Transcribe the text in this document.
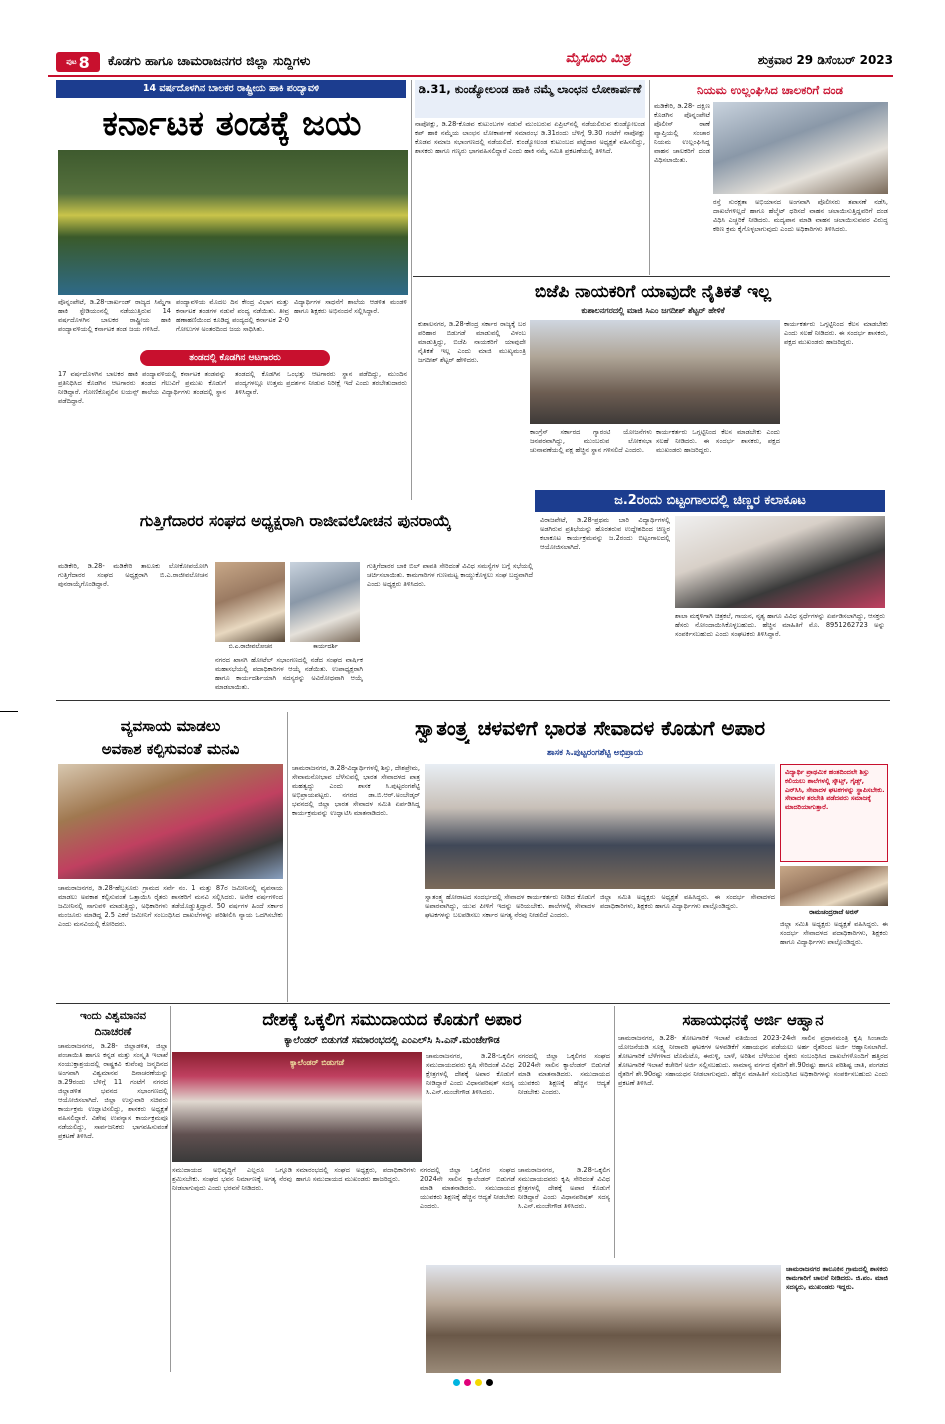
ಪುಟ 8 ಕೊಡಗು ಹಾಗೂ ಚಾಮರಾಜನಗರ ಜಿಲ್ಲಾ ಸುದ್ದಿಗಳು	ಮೈಸೂರು ಮಿತ್ರ	ಶುಕ್ರವಾರ 29 ಡಿಸೆಂಬರ್ 2023
14 ವರ್ಷದೊಳಗಿನ ಬಾಲಕರ ರಾಷ್ಟ್ರೀಯ ಹಾಕಿ ಪಂದ್ಯಾವಳಿ
ಕರ್ನಾಟಕ ತಂಡಕ್ಕೆ ಜಯ
ಪೊನ್ನಂಪೇಟೆ, ಡಿ.28-ಜಾರ್ಖಂಡ್ ರಾಜ್ಯದ ಸಿಮ್ಡೆಗಾ ಹಾಕಿ ಸ್ಟೇಡಿಯಂನಲ್ಲಿ ನಡೆಯುತ್ತಿರುವ 14 ವರ್ಷದೊಳಗಿನ ಬಾಲಕರ ರಾಷ್ಟ್ರೀಯ ಹಾಕಿ ಪಂದ್ಯಾವಳಿಯಲ್ಲಿ ಕರ್ನಾಟಕ ತಂಡ ಜಯ ಗಳಿಸಿದೆ.
ಪಂದ್ಯಾವಳಿಯ ಮೊದಲ ದಿನ ಕೇಂದ್ರ ವಿಭಾಗ ಮತ್ತು ಕರ್ನಾಟಕ ತಂಡಗಳ ನಡುವೆ ಪಂದ್ಯ ನಡೆಯಿತು. ತೀವ್ರ ಹಣಾಹಣಿಯಿಂದ ಕೂಡಿದ್ದ ಪಂದ್ಯದಲ್ಲಿ ಕರ್ನಾಟಕ 2-0 ಗೋಲುಗಳ ಅಂತರದಿಂದ ಜಯ ಸಾಧಿಸಿತು.
ವಿದ್ಯಾರ್ಥಿಗಳ ಸಾಧನೆಗೆ ಶಾಲೆಯ ಆಡಳಿತ ಮಂಡಳಿ ಹಾಗೂ ಶಿಕ್ಷಕರು ಅಭಿನಂದನೆ ಸಲ್ಲಿಸಿದ್ದಾರೆ.
ತಂಡದಲ್ಲಿ ಕೊಡಗಿನ ಆಟಗಾರರು
17 ವರ್ಷದೊಳಗಿನ ಬಾಲಕರ ಹಾಕಿ ಪಂದ್ಯಾವಳಿಯಲ್ಲಿ ಕರ್ನಾಟಕ ತಂಡವನ್ನು ಪ್ರತಿನಿಧಿಸಿದ ಕೊಡಗಿನ ಆಟಗಾರರು ತಂಡದ ಗೆಲುವಿಗೆ ಪ್ರಮುಖ ಕೊಡುಗೆ ನೀಡಿದ್ದಾರೆ. ಗೋಣಿಕೊಪ್ಪಲಿನ ಲಯನ್ಸ್ ಶಾಲೆಯ ವಿದ್ಯಾರ್ಥಿಗಳು ತಂಡದಲ್ಲಿ ಸ್ಥಾನ ಪಡೆದಿದ್ದಾರೆ.
ತಂಡದಲ್ಲಿ ಕೊಡಗಿನ ಒಂಭತ್ತು ಆಟಗಾರರು ಸ್ಥಾನ ಪಡೆದಿದ್ದು, ಮುಂದಿನ ಪಂದ್ಯಗಳಲ್ಲೂ ಉತ್ತಮ ಪ್ರದರ್ಶನ ನೀಡುವ ನಿರೀಕ್ಷೆ ಇದೆ ಎಂದು ತರಬೇತುದಾರರು ತಿಳಿಸಿದ್ದಾರೆ.
ಡಿ.31, ಕುಂಡ್ಯೋಲಂಡ ಹಾಕಿ ನಮ್ಮೆ ಲಾಂಛನ ಲೋಕಾರ್ಪಣೆ
ನಾಪೋಕ್ಲು, ಡಿ.28-ಕೊಡವ ಕುಟುಂಬಗಳ ನಡುವೆ ಮುಂಬರುವ ಏಪ್ರಿಲ್‌ನಲ್ಲಿ ನಡೆಯಲಿರುವ ಕುಂಡ್ಯೋಲಂಡ ಕಪ್ ಹಾಕಿ ನಮ್ಮೆಯ ಲಾಂಛನ ಲೋಕಾರ್ಪಣೆ ಸಮಾರಂಭ ಡಿ.31ರಂದು ಬೆಳಿಗ್ಗೆ 9.30 ಗಂಟೆಗೆ ನಾಪೋಕ್ಲು ಕೊಡವ ಸಮಾಜ ಸಭಾಂಗಣದಲ್ಲಿ ನಡೆಯಲಿದೆ. ಕುಂಡ್ಯೋಲಂಡ ಕುಟುಂಬದ ಪಟ್ಟೆದಾರ ಅಧ್ಯಕ್ಷತೆ ವಹಿಸಲಿದ್ದು, ಶಾಸಕರು ಹಾಗೂ ಗಣ್ಯರು ಭಾಗವಹಿಸಲಿದ್ದಾರೆ ಎಂದು ಹಾಕಿ ನಮ್ಮೆ ಸಮಿತಿ ಪ್ರಕಟಣೆಯಲ್ಲಿ ತಿಳಿಸಿದೆ.
ನಿಯಮ ಉಲ್ಲಂಘಿಸಿದ ಚಾಲಕರಿಗೆ ದಂಡ
ಮಡಿಕೇರಿ, ಡಿ.28- ದಕ್ಷಿಣ ಕೊಡಗಿನ ಪೊನ್ನಂಪೇಟೆ ಪೊಲೀಸ್ ಠಾಣೆ ವ್ಯಾಪ್ತಿಯಲ್ಲಿ ಸಂಚಾರ ನಿಯಮ ಉಲ್ಲಂಘಿಸಿದ್ದ ವಾಹನ ಚಾಲಕರಿಗೆ ದಂಡ ವಿಧಿಸಲಾಯಿತು.
ರಸ್ತೆ ಸುರಕ್ಷತಾ ಅಭಿಯಾನದ ಅಂಗವಾಗಿ ಪೊಲೀಸರು ತಪಾಸಣೆ ನಡೆಸಿ, ದಾಖಲೆಗಳಿಲ್ಲದೆ ಹಾಗೂ ಹೆಲ್ಮೆಟ್ ಧರಿಸದೆ ವಾಹನ ಚಲಾಯಿಸುತ್ತಿದ್ದವರಿಗೆ ದಂಡ ವಿಧಿಸಿ ಎಚ್ಚರಿಕೆ ನೀಡಿದರು. ಮದ್ಯಪಾನ ಮಾಡಿ ವಾಹನ ಚಲಾಯಿಸುವವರ ವಿರುದ್ಧ ಕಠಿಣ ಕ್ರಮ ಕೈಗೊಳ್ಳಲಾಗುವುದು ಎಂದು ಅಧಿಕಾರಿಗಳು ತಿಳಿಸಿದರು.
ಬಿಜೆಪಿ ನಾಯಕರಿಗೆ ಯಾವುದೇ ನೈತಿಕತೆ ಇಲ್ಲ
ಕುಶಾಲನಗರದಲ್ಲಿ ಮಾಜಿ ಸಿಎಂ ಜಗದೀಶ್ ಶೆಟ್ಟರ್ ಹೇಳಿಕೆ
ಕುಶಾಲನಗರ, ಡಿ.28-ಕೇಂದ್ರ ಸರ್ಕಾರ ರಾಜ್ಯಕ್ಕೆ ಬರ ಪರಿಹಾರ ಬಿಡುಗಡೆ ಮಾಡುವಲ್ಲಿ ವಿಳಂಬ ಮಾಡುತ್ತಿದ್ದು, ಬಿಜೆಪಿ ನಾಯಕರಿಗೆ ಯಾವುದೇ ನೈತಿಕತೆ ಇಲ್ಲ ಎಂದು ಮಾಜಿ ಮುಖ್ಯಮಂತ್ರಿ ಜಗದೀಶ್ ಶೆಟ್ಟರ್ ಹೇಳಿದರು.
ಕಾಂಗ್ರೆಸ್ ಸರ್ಕಾರದ ಗ್ಯಾರಂಟಿ ಯೋಜನೆಗಳು ಜನಪರವಾಗಿದ್ದು, ಮುಂಬರುವ ಲೋಕಸಭಾ ಚುನಾವಣೆಯಲ್ಲಿ ಪಕ್ಷ ಹೆಚ್ಚಿನ ಸ್ಥಾನ ಗಳಿಸಲಿದೆ ಎಂದರು.
ಕಾರ್ಯಕರ್ತರು ಒಗ್ಗಟ್ಟಿನಿಂದ ಕೆಲಸ ಮಾಡಬೇಕು ಎಂದು ಸಲಹೆ ನೀಡಿದರು. ಈ ಸಂದರ್ಭ ಶಾಸಕರು, ಪಕ್ಷದ ಮುಖಂಡರು ಹಾಜರಿದ್ದರು.
ಕಾರ್ಯಕರ್ತರು ಒಗ್ಗಟ್ಟಿನಿಂದ ಕೆಲಸ ಮಾಡಬೇಕು ಎಂದು ಸಲಹೆ ನೀಡಿದರು. ಈ ಸಂದರ್ಭ ಶಾಸಕರು, ಪಕ್ಷದ ಮುಖಂಡರು ಹಾಜರಿದ್ದರು.
ಜ.2ರಂದು ಬಿಟ್ಟಂಗಾಲದಲ್ಲಿ ಚಿಣ್ಣರ ಕಲಾಕೂಟ
ವಿರಾಜಪೇಟೆ, ಡಿ.28-ಪ್ರಥಮ ಬಾರಿ ವಿದ್ಯಾರ್ಥಿಗಳಲ್ಲಿ ಅಡಗಿರುವ ಪ್ರತಿಭೆಯನ್ನು ಹೊರತರುವ ಉದ್ದೇಶದಿಂದ ಚಿಣ್ಣರ ಕಲಾಕೂಟ ಕಾರ್ಯಕ್ರಮವನ್ನು ಜ.2ರಂದು ಬಿಟ್ಟಂಗಾಲದಲ್ಲಿ ಆಯೋಜಿಸಲಾಗಿದೆ.
ಶಾಲಾ ಮಕ್ಕಳಿಗಾಗಿ ಚಿತ್ರಕಲೆ, ಗಾಯನ, ನೃತ್ಯ ಹಾಗೂ ವಿವಿಧ ಸ್ಪರ್ಧೆಗಳನ್ನು ಏರ್ಪಡಿಸಲಾಗಿದ್ದು, ಆಸಕ್ತರು ಹೆಸರು ನೋಂದಾಯಿಸಿಕೊಳ್ಳಬಹುದು. ಹೆಚ್ಚಿನ ಮಾಹಿತಿಗೆ ಮೊ. 8951262723 ಅನ್ನು ಸಂಪರ್ಕಿಸಬಹುದು ಎಂದು ಸಂಘಟಕರು ತಿಳಿಸಿದ್ದಾರೆ.
ಗುತ್ತಿಗೆದಾರರ ಸಂಘದ ಅಧ್ಯಕ್ಷರಾಗಿ ರಾಜೀವಲೋಚನ ಪುನರಾಯ್ಕೆ
ಮಡಿಕೇರಿ, ಡಿ.28- ಮಡಿಕೇರಿ ತಾಲೂಕು ಲೋಕೋಪಯೋಗಿ ಗುತ್ತಿಗೆದಾರರ ಸಂಘದ ಅಧ್ಯಕ್ಷರಾಗಿ ಬಿ.ಎ.ರಾಜೀವಲೋಚನ ಪುನರಾಯ್ಕೆಗೊಂಡಿದ್ದಾರೆ.
ಬಿ.ಎ.ರಾಜೀವಲೋಚನ	ಕಾರ್ಯದರ್ಶಿ
ನಗರದ ಖಾಸಗಿ ಹೋಟೆಲ್ ಸಭಾಂಗಣದಲ್ಲಿ ನಡೆದ ಸಂಘದ ವಾರ್ಷಿಕ ಮಹಾಸಭೆಯಲ್ಲಿ ಪದಾಧಿಕಾರಿಗಳ ಆಯ್ಕೆ ನಡೆಯಿತು. ಉಪಾಧ್ಯಕ್ಷರಾಗಿ ಹಾಗೂ ಕಾರ್ಯದರ್ಶಿಯಾಗಿ ಸದಸ್ಯರನ್ನು ಅವಿರೋಧವಾಗಿ ಆಯ್ಕೆ ಮಾಡಲಾಯಿತು.
ಗುತ್ತಿಗೆದಾರರ ಬಾಕಿ ಬಿಲ್ ಪಾವತಿ ಸೇರಿದಂತೆ ವಿವಿಧ ಸಮಸ್ಯೆಗಳ ಬಗ್ಗೆ ಸಭೆಯಲ್ಲಿ ಚರ್ಚಿಸಲಾಯಿತು. ಕಾಮಗಾರಿಗಳ ಗುಣಮಟ್ಟ ಕಾಯ್ದುಕೊಳ್ಳಲು ಸಂಘ ಬದ್ಧವಾಗಿದೆ ಎಂದು ಅಧ್ಯಕ್ಷರು ತಿಳಿಸಿದರು.
ವ್ಯವಸಾಯ ಮಾಡಲು
ಅವಕಾಶ ಕಲ್ಪಿಸುವಂತೆ ಮನವಿ
ಚಾಮರಾಜನಗರ, ಡಿ.28-ಹೆಬ್ಬಸೂರು ಗ್ರಾಮದ ಸರ್ವೆ ನಂ. 1 ಮತ್ತು 87ರ ಜಮೀನಿನಲ್ಲಿ ವ್ಯವಸಾಯ ಮಾಡಲು ಅವಕಾಶ ಕಲ್ಪಿಸುವಂತೆ ಒತ್ತಾಯಿಸಿ ರೈತರು ಶಾಸಕರಿಗೆ ಮನವಿ ಸಲ್ಲಿಸಿದರು. ಅನೇಕ ವರ್ಷಗಳಿಂದ ಜಮೀನಿನಲ್ಲಿ ಸಾಗುವಳಿ ಮಾಡುತ್ತಿದ್ದು, ಅಧಿಕಾರಿಗಳು ತಡೆಯೊಡ್ಡುತ್ತಿದ್ದಾರೆ. 50 ವರ್ಷಗಳ ಹಿಂದೆ ಸರ್ಕಾರ ಮಂಜೂರು ಮಾಡಿದ್ದ 2.5 ಎಕರೆ ಜಮೀನಿಗೆ ಸಂಬಂಧಿಸಿದ ದಾಖಲೆಗಳನ್ನು ಪರಿಶೀಲಿಸಿ ನ್ಯಾಯ ಒದಗಿಸಬೇಕು ಎಂದು ಮನವಿಯಲ್ಲಿ ಕೋರಿದರು.
ಸ್ವಾತಂತ್ರ್ಯ ಚಳವಳಿಗೆ ಭಾರತ ಸೇವಾದಳ ಕೊಡುಗೆ ಅಪಾರ
ಶಾಸಕ ಸಿ.ಪುಟ್ಟರಂಗಶೆಟ್ಟಿ ಅಭಿಪ್ರಾಯ
ಚಾಮರಾಜನಗರ, ಡಿ.28-ವಿದ್ಯಾರ್ಥಿಗಳಲ್ಲಿ ಶಿಸ್ತು, ದೇಶಪ್ರೇಮ, ಸೇವಾಮನೋಭಾವ ಬೆಳೆಸುವಲ್ಲಿ ಭಾರತ ಸೇವಾದಳದ ಪಾತ್ರ ಮಹತ್ವದ್ದು ಎಂದು ಶಾಸಕ ಸಿ.ಪುಟ್ಟರಂಗಶೆಟ್ಟಿ ಅಭಿಪ್ರಾಯಪಟ್ಟರು. ನಗರದ ಡಾ.ಬಿ.ಆರ್.ಅಂಬೇಡ್ಕರ್ ಭವನದಲ್ಲಿ ಜಿಲ್ಲಾ ಭಾರತ ಸೇವಾದಳ ಸಮಿತಿ ಏರ್ಪಡಿಸಿದ್ದ ಕಾರ್ಯಕ್ರಮವನ್ನು ಉದ್ಘಾಟಿಸಿ ಮಾತನಾಡಿದರು.
ಸ್ವಾತಂತ್ರ್ಯ ಹೋರಾಟದ ಸಂದರ್ಭದಲ್ಲಿ ಸೇವಾದಳ ಕಾರ್ಯಕರ್ತರು ನೀಡಿದ ಕೊಡುಗೆ ಅಪಾರವಾಗಿದ್ದು, ಯುವ ಪೀಳಿಗೆ ಇದನ್ನು ಅರಿಯಬೇಕು. ಶಾಲೆಗಳಲ್ಲಿ ಸೇವಾದಳ ಘಟಕಗಳನ್ನು ಬಲಪಡಿಸಲು ಸರ್ಕಾರ ಅಗತ್ಯ ನೆರವು ನೀಡಲಿದೆ ಎಂದರು.
ಜಿಲ್ಲಾ ಸಮಿತಿ ಅಧ್ಯಕ್ಷರು ಅಧ್ಯಕ್ಷತೆ ವಹಿಸಿದ್ದರು. ಈ ಸಂದರ್ಭ ಸೇವಾದಳದ ಪದಾಧಿಕಾರಿಗಳು, ಶಿಕ್ಷಕರು ಹಾಗೂ ವಿದ್ಯಾರ್ಥಿಗಳು ಪಾಲ್ಗೊಂಡಿದ್ದರು.
ವಿದ್ಯಾರ್ಥಿ ಪ್ರಾಥಮಿಕ ಹಂತದಿಂದಲೇ ಶಿಸ್ತು ಕಲಿಯಲು ಶಾಲೆಗಳಲ್ಲಿ ಸ್ಕೌಟ್ಸ್, ಗೈಡ್ಸ್, ಎನ್‌ಸಿಸಿ, ಸೇವಾದಳ ಘಟಕಗಳನ್ನು ಸ್ಥಾಪಿಸಬೇಕು. ಸೇವಾದಳ ತರಬೇತಿ ಪಡೆದವರು ಸಮಾಜಕ್ಕೆ ಮಾದರಿಯಾಗುತ್ತಾರೆ.
ರಾಮಚಂದ್ರರಾಜೆ ಅರಸ್
ಜಿಲ್ಲಾ ಸಮಿತಿ ಅಧ್ಯಕ್ಷರು ಅಧ್ಯಕ್ಷತೆ ವಹಿಸಿದ್ದರು. ಈ ಸಂದರ್ಭ ಸೇವಾದಳದ ಪದಾಧಿಕಾರಿಗಳು, ಶಿಕ್ಷಕರು ಹಾಗೂ ವಿದ್ಯಾರ್ಥಿಗಳು ಪಾಲ್ಗೊಂಡಿದ್ದರು.
ಇಂದು ವಿಶ್ವಮಾನವ
ದಿನಾಚರಣೆ
ಚಾಮರಾಜನಗರ, ಡಿ.28- ಜಿಲ್ಲಾಡಳಿತ, ಜಿಲ್ಲಾ ಪಂಚಾಯಿತಿ ಹಾಗೂ ಕನ್ನಡ ಮತ್ತು ಸಂಸ್ಕೃತಿ ಇಲಾಖೆ ಸಂಯುಕ್ತಾಶ್ರಯದಲ್ಲಿ ರಾಷ್ಟ್ರಕವಿ ಕುವೆಂಪು ಜನ್ಮದಿನದ ಅಂಗವಾಗಿ ವಿಶ್ವಮಾನವ ದಿನಾಚರಣೆಯನ್ನು ಡಿ.29ರಂದು ಬೆಳಿಗ್ಗೆ 11 ಗಂಟೆಗೆ ನಗರದ ಜಿಲ್ಲಾಡಳಿತ ಭವನದ ಸಭಾಂಗಣದಲ್ಲಿ ಆಯೋಜಿಸಲಾಗಿದೆ. ಜಿಲ್ಲಾ ಉಸ್ತುವಾರಿ ಸಚಿವರು ಕಾರ್ಯಕ್ರಮ ಉದ್ಘಾಟಿಸಲಿದ್ದು, ಶಾಸಕರು ಅಧ್ಯಕ್ಷತೆ ವಹಿಸಲಿದ್ದಾರೆ. ವಿಶೇಷ ಉಪನ್ಯಾಸ ಕಾರ್ಯಕ್ರಮವೂ ನಡೆಯಲಿದ್ದು, ಸಾರ್ವಜನಿಕರು ಭಾಗವಹಿಸುವಂತೆ ಪ್ರಕಟಣೆ ತಿಳಿಸಿದೆ.
ದೇಶಕ್ಕೆ ಒಕ್ಕಲಿಗ ಸಮುದಾಯದ ಕೊಡುಗೆ ಅಪಾರ
ಕ್ಯಾಲೆಂಡರ್ ಬಿಡುಗಡೆ ಸಮಾರಂಭದಲ್ಲಿ ಎಂಎಲ್‌ಸಿ ಸಿ.ಎನ್.ಮಂಜೇಗೌಡ
ಕ್ಯಾಲೆಂಡರ್ ಬಿಡುಗಡೆ
ಚಾಮರಾಜನಗರ, ಡಿ.28-ಒಕ್ಕಲಿಗ ಸಮುದಾಯದವರು ಕೃಷಿ ಸೇರಿದಂತೆ ವಿವಿಧ ಕ್ಷೇತ್ರಗಳಲ್ಲಿ ದೇಶಕ್ಕೆ ಅಪಾರ ಕೊಡುಗೆ ನೀಡಿದ್ದಾರೆ ಎಂದು ವಿಧಾನಪರಿಷತ್ ಸದಸ್ಯ ಸಿ.ಎನ್.ಮಂಜೇಗೌಡ ತಿಳಿಸಿದರು.
ನಗರದಲ್ಲಿ ಜಿಲ್ಲಾ ಒಕ್ಕಲಿಗರ ಸಂಘದ 2024ನೇ ಸಾಲಿನ ಕ್ಯಾಲೆಂಡರ್ ಬಿಡುಗಡೆ ಮಾಡಿ ಮಾತನಾಡಿದರು. ಸಮುದಾಯದ ಯುವಕರು ಶಿಕ್ಷಣಕ್ಕೆ ಹೆಚ್ಚಿನ ಆದ್ಯತೆ ನೀಡಬೇಕು ಎಂದರು.
ಸಮುದಾಯದ ಅಭಿವೃದ್ಧಿಗೆ ಎಲ್ಲರೂ ಒಗ್ಗೂಡಿ ಶ್ರಮಿಸಬೇಕು. ಸಂಘದ ಭವನ ನಿರ್ಮಾಣಕ್ಕೆ ಅಗತ್ಯ ನೆರವು ನೀಡಲಾಗುವುದು ಎಂದು ಭರವಸೆ ನೀಡಿದರು.
ಸಮಾರಂಭದಲ್ಲಿ ಸಂಘದ ಅಧ್ಯಕ್ಷರು, ಪದಾಧಿಕಾರಿಗಳು ಹಾಗೂ ಸಮುದಾಯದ ಮುಖಂಡರು ಹಾಜರಿದ್ದರು.
ನಗರದಲ್ಲಿ ಜಿಲ್ಲಾ ಒಕ್ಕಲಿಗರ ಸಂಘದ 2024ನೇ ಸಾಲಿನ ಕ್ಯಾಲೆಂಡರ್ ಬಿಡುಗಡೆ ಮಾಡಿ ಮಾತನಾಡಿದರು. ಸಮುದಾಯದ ಯುವಕರು ಶಿಕ್ಷಣಕ್ಕೆ ಹೆಚ್ಚಿನ ಆದ್ಯತೆ ನೀಡಬೇಕು ಎಂದರು.
ಚಾಮರಾಜನಗರ, ಡಿ.28-ಒಕ್ಕಲಿಗ ಸಮುದಾಯದವರು ಕೃಷಿ ಸೇರಿದಂತೆ ವಿವಿಧ ಕ್ಷೇತ್ರಗಳಲ್ಲಿ ದೇಶಕ್ಕೆ ಅಪಾರ ಕೊಡುಗೆ ನೀಡಿದ್ದಾರೆ ಎಂದು ವಿಧಾನಪರಿಷತ್ ಸದಸ್ಯ ಸಿ.ಎನ್.ಮಂಜೇಗೌಡ ತಿಳಿಸಿದರು.
ಸಹಾಯಧನಕ್ಕೆ ಅರ್ಜಿ ಆಹ್ವಾನ
ಚಾಮರಾಜನಗರ, ಡಿ.28- ತೋಟಗಾರಿಕೆ ಇಲಾಖೆ ವತಿಯಿಂದ 2023-24ನೇ ಸಾಲಿನ ಪ್ರಧಾನಮಂತ್ರಿ ಕೃಷಿ ಸಿಂಚಾಯಿ ಯೋಜನೆಯಡಿ ಸೂಕ್ಷ್ಮ ನೀರಾವರಿ ಘಟಕಗಳ ಅಳವಡಿಕೆಗೆ ಸಹಾಯಧನ ಪಡೆಯಲು ಅರ್ಹ ರೈತರಿಂದ ಅರ್ಜಿ ಆಹ್ವಾನಿಸಲಾಗಿದೆ. ತೋಟಗಾರಿಕೆ ಬೆಳೆಗಳಾದ ಟೊಮೆಟೊ, ಈರುಳ್ಳಿ, ಬಾಳೆ, ಅರಿಶಿನ ಬೆಳೆಯುವ ರೈತರು ಸಂಬಂಧಿಸಿದ ದಾಖಲೆಗಳೊಂದಿಗೆ ಹತ್ತಿರದ ತೋಟಗಾರಿಕೆ ಇಲಾಖೆ ಕಚೇರಿಗೆ ಅರ್ಜಿ ಸಲ್ಲಿಸಬಹುದು. ಸಾಮಾನ್ಯ ವರ್ಗದ ರೈತರಿಗೆ ಶೇ.90ರಷ್ಟು ಹಾಗೂ ಪರಿಶಿಷ್ಟ ಜಾತಿ, ಪಂಗಡದ ರೈತರಿಗೆ ಶೇ.90ರಷ್ಟು ಸಹಾಯಧನ ನೀಡಲಾಗುವುದು. ಹೆಚ್ಚಿನ ಮಾಹಿತಿಗೆ ಸಂಬಂಧಿಸಿದ ಅಧಿಕಾರಿಗಳನ್ನು ಸಂಪರ್ಕಿಸಬಹುದು ಎಂದು ಪ್ರಕಟಣೆ ತಿಳಿಸಿದೆ.
ಚಾಮರಾಜನಗರ ತಾಲೂಕಿನ ಗ್ರಾಮದಲ್ಲಿ ಶಾಸಕರು ಕಾಮಗಾರಿಗೆ ಚಾಲನೆ ನೀಡಿದರು. ಜಿ.ಪಂ. ಮಾಜಿ ಸದಸ್ಯರು, ಮುಖಂಡರು ಇದ್ದರು.
